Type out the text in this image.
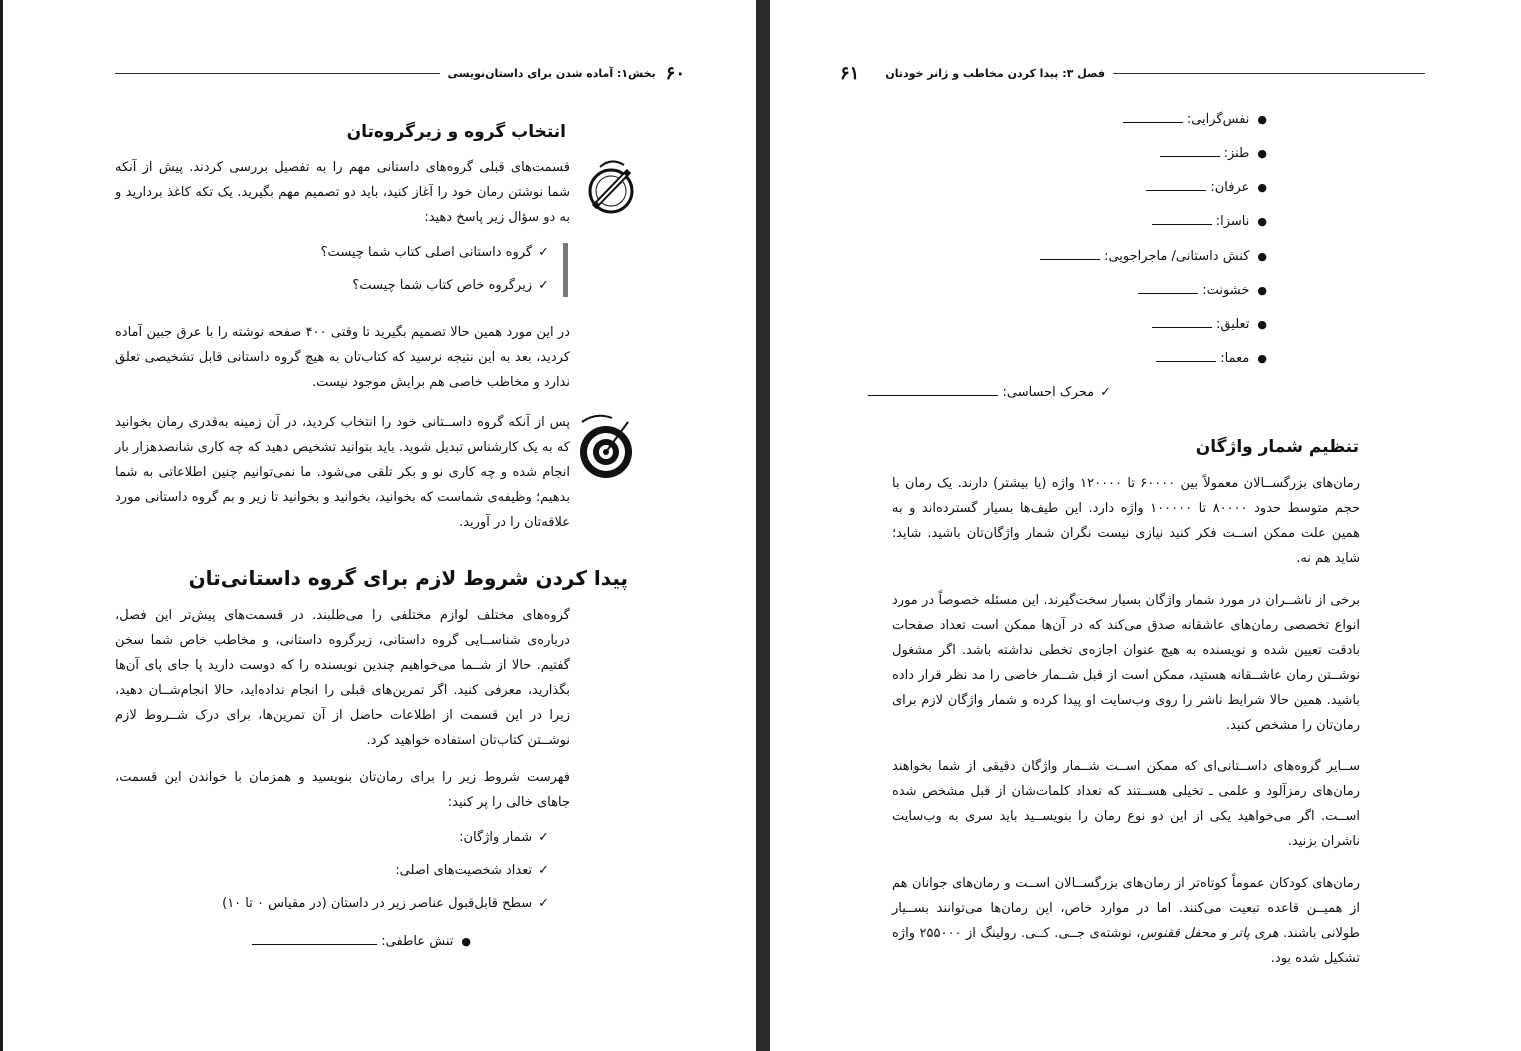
۶۰
بخش۱: آماده شدن برای داستان‌نویسی
انتخاب گروه و زیرگروه‌تان

قسمت‌های قبلی گروه‌های داستانی مهم را به تفصیل بررسی کردند. پیش از آنکه شما نوشتن رمان خود را آغاز کنید، باید دو تصمیم مهم بگیرید. یک تکه کاغذ بردارید و به دو سؤال زیر پاسخ دهید:

✓گروه داستانی اصلی کتاب شما چیست؟
✓زیرگروه خاص کتاب شما چیست؟

در این مورد همین حالا تصمیم بگیرید تا وقتی ۴۰۰ صفحه نوشته را با عرق جبین آماده کردید، بعد به این نتیجه نرسید که کتاب‌تان به هیچ گروه داستانی قابل تشخیصی تعلق ندارد و مخاطب خاصی هم برایش موجود نیست.

پس از آنکه گروه داســتانی خود را انتخاب کردید، در آن زمینه به‌قدری رمان بخوانید که به یک کارشناس تبدیل شوید. باید بتوانید تشخیص دهید که چه کاری شانصدهزار بار انجام شده و چه کاری نو و بکر تلقی می‌شود. ما نمی‌توانیم چنین اطلاعاتی به شما بدهیم؛ وظیفه‌ی شماست که بخوانید، بخوانید و بخوانید تا زیر و بم گروه داستانی مورد علاقه‌تان را در آورید.

پیدا کردن شروط لازم برای گروه داستانی‌تان

گروه‌های مختلف لوازم مختلفی را می‌طلبند. در قسمت‌های پیش‌تر این فصل، درباره‌ی شناســایی گروه داستانی، زیرگروه داستانی، و مخاطب خاص شما سخن گفتیم. حالا از شــما می‌خواهیم چندین نویسنده را که دوست دارید پا جای پای آن‌ها بگذارید، معرفی کنید. اگر تمرین‌های قبلی را انجام نداده‌اید، حالا انجام‌شــان دهید، زیرا در این قسمت از اطلاعات حاصل از آن تمرین‌ها، برای درک شــروط لازم نوشــتن کتاب‌تان استفاده خواهید کرد.

فهرست شروط زیر را برای رمان‌تان بنویسید و همزمان با خواندن این قسمت، جاهای خالی را پر کنید:

✓شمار واژگان:
✓تعداد شخصیت‌های اصلی:
✓سطح قابل‌قبول عناصر زیر در داستان (در مقیاس ۰ تا ۱۰)
●تنش عاطفی:
فصل ۳: پیدا کردن مخاطب و ژانر خودتان
۶۱
●نفس‌گرایی:
●طنز:
●عرفان:
●ناسزا:
●کنش داستانی/ ماجراجویی:
●خشونت:
●تعلیق:
●معما:
✓محرک احساسی:
تنظیم شمار واژگان

رمان‌های بزرگســالان معمولاً بین ۶۰۰۰۰ تا ۱۲۰۰۰۰ واژه (یا بیشتر) دارند. یک رمان با حجم متوسط حدود ۸۰۰۰۰ تا ۱۰۰۰۰۰ واژه دارد. این طیف‌ها بسیار گسترده‌اند و به همین علت ممکن اســت فکر کنید نیازی نیست نگران شمار واژگان‌تان باشید. شاید؛ شاید هم نه.

برخی از ناشــران در مورد شمار واژگان بسیار سخت‌گیرند. این مسئله خصوصاً در مورد انواع تخصصی رمان‌های عاشقانه صدق می‌کند که در آن‌ها ممکن است تعداد صفحات بادقت تعیین شده و نویسنده به هیچ عنوان اجازه‌ی تخطی نداشته باشد. اگر مشغول نوشــتن رمان عاشــقانه هستید، ممکن است از قبل شــمار خاصی را مد نظر قرار داده باشید. همین حالا شرایط ناشر را روی وب‌سایت او پیدا کرده و شمار واژگان لازم برای رمان‌تان را مشخص کنید.

ســایر گروه‌های داســتانی‌ای که ممکن اســت شــمار واژگان دقیقی از شما بخواهند رمان‌های رمزآلود و علمی ـ تخیلی هســتند که تعداد کلمات‌شان از قبل مشخص شده اســت. اگر می‌خواهید یکی از این دو نوع رمان را بنویســید باید سری به وب‌سایت ناشران بزنید.

رمان‌های کودکان عموماً کوتاه‌تر از رمان‌های بزرگســالان اســت و رمان‌های جوانان هم از همیــن قاعده تبعیت می‌کنند. اما در موارد خاص، این رمان‌ها می‌توانند بســیار طولانی باشند. هری پاتر و محفل ققنوس، نوشته‌ی جــی. کــی. رولینگ از ۲۵۵۰۰۰ واژه تشکیل شده بود.
